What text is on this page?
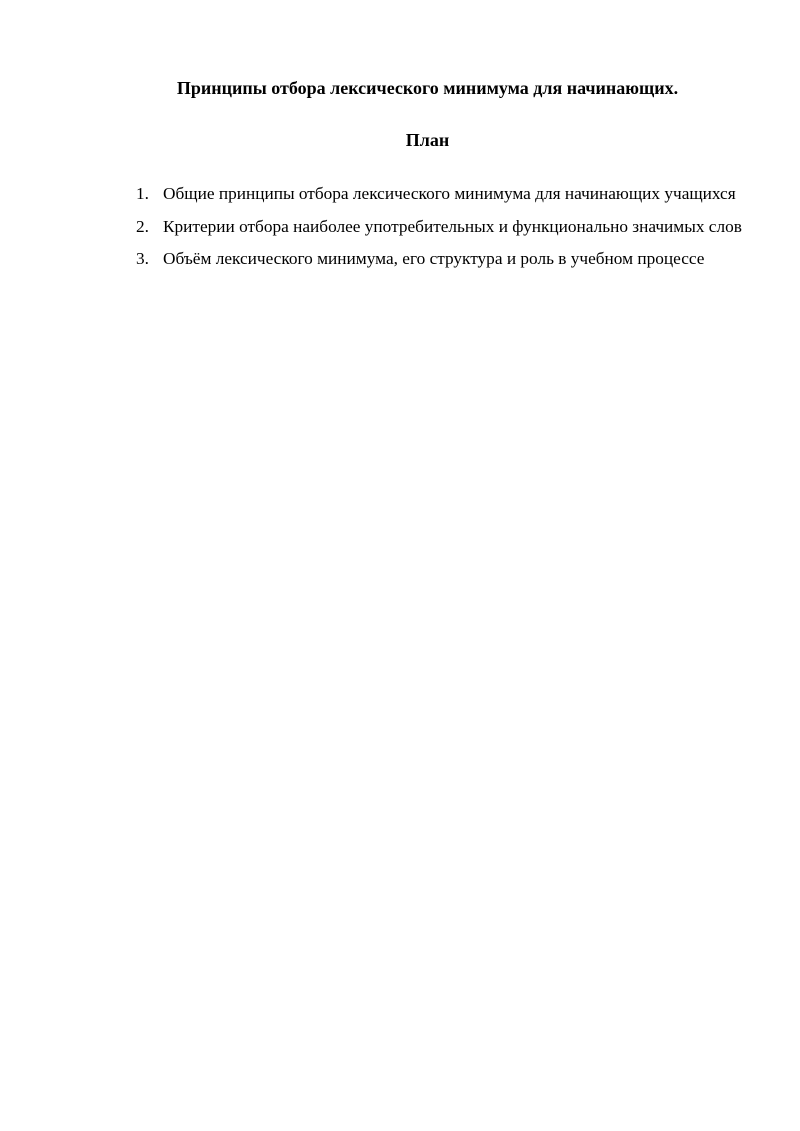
Принципы отбора лексического минимума для начинающих.
План
1. Общие принципы отбора лексического минимума для начинающих учащихся
2. Критерии отбора наиболее употребительных и функционально значимых слов
3. Объём лексического минимума, его структура и роль в учебном процессе
